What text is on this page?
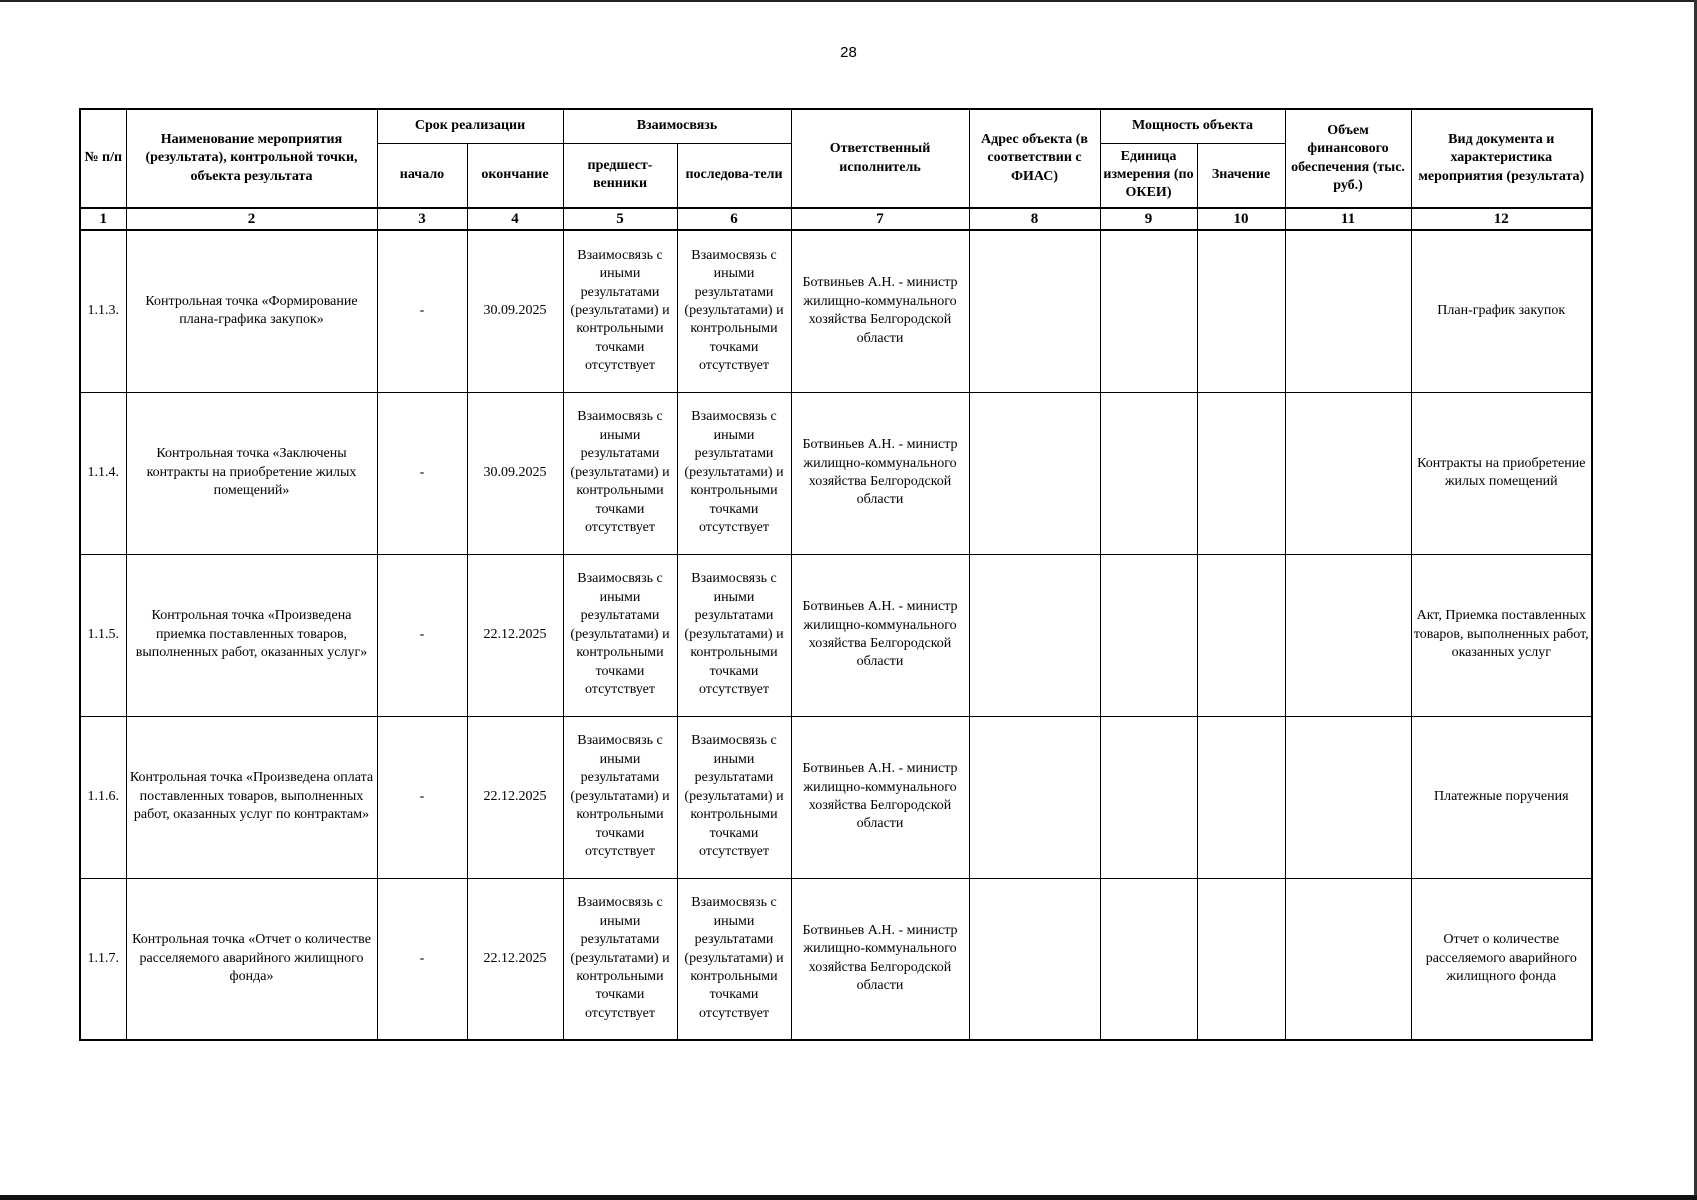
28
№ п/п	Наименование мероприятия (результата), контрольной точки, объекта результата	Срок реализации		Взаимосвязь		Ответственный исполнитель	Адрес объекта (в соответствии с ФИАС)	Мощность объекта		Объем финансового обеспечения (тыс. руб.)	Вид документа и характеристика мероприятия (результата)
		начало	окончание	предшест-венники	последова-тели			Единица измерения (по ОКЕИ)	Значение		
1	2	3	4	5	6	7	8	9	10	11	12
1.1.3.	Контрольная точка «Формирование плана-графика закупок»	-	30.09.2025	Взаимосвязь с иными результатами (результатами) и контрольными точками отсутствует	Взаимосвязь с иными результатами (результатами) и контрольными точками отсутствует	Ботвиньев А.Н. - министр жилищно-коммунального хозяйства Белгородской области					План-график закупок
1.1.4.	Контрольная точка «Заключены контракты на приобретение жилых помещений»	-	30.09.2025	Взаимосвязь с иными результатами (результатами) и контрольными точками отсутствует	Взаимосвязь с иными результатами (результатами) и контрольными точками отсутствует	Ботвиньев А.Н. - министр жилищно-коммунального хозяйства Белгородской области					Контракты на приобретение жилых помещений
1.1.5.	Контрольная точка «Произведена приемка поставленных товаров, выполненных работ, оказанных услуг»	-	22.12.2025	Взаимосвязь с иными результатами (результатами) и контрольными точками отсутствует	Взаимосвязь с иными результатами (результатами) и контрольными точками отсутствует	Ботвиньев А.Н. - министр жилищно-коммунального хозяйства Белгородской области					Акт, Приемка поставленных товаров, выполненных работ, оказанных услуг
1.1.6.	Контрольная точка «Произведена оплата поставленных товаров, выполненных работ, оказанных услуг по контрактам»	-	22.12.2025	Взаимосвязь с иными результатами (результатами) и контрольными точками отсутствует	Взаимосвязь с иными результатами (результатами) и контрольными точками отсутствует	Ботвиньев А.Н. - министр жилищно-коммунального хозяйства Белгородской области					Платежные поручения
1.1.7.	Контрольная точка «Отчет о количестве расселяемого аварийного жилищного фонда»	-	22.12.2025	Взаимосвязь с иными результатами (результатами) и контрольными точками отсутствует	Взаимосвязь с иными результатами (результатами) и контрольными точками отсутствует	Ботвиньев А.Н. - министр жилищно-коммунального хозяйства Белгородской области					Отчет о количестве расселяемого аварийного жилищного фонда
